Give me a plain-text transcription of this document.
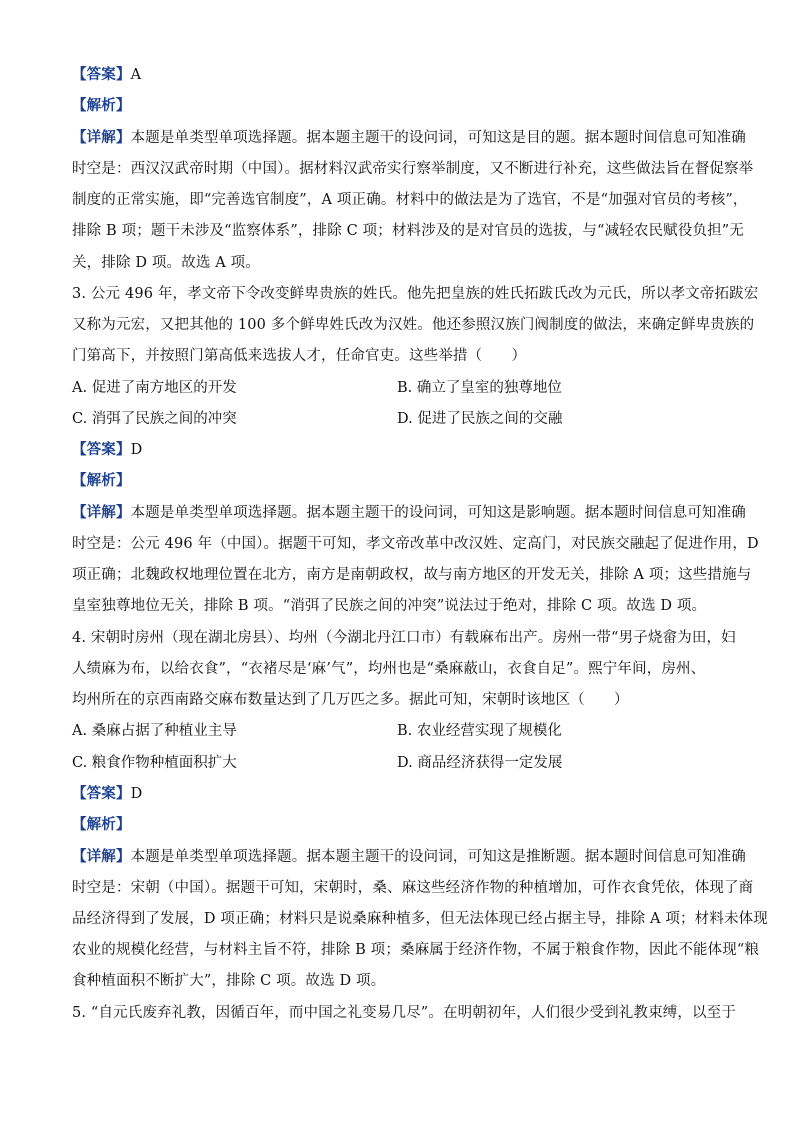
【答案】A
【解析】
【详解】本题是单类型单项选择题。据本题主题干的设问词，可知这是目的题。据本题时间信息可知准确
时空是：西汉汉武帝时期（中国）。据材料汉武帝实行察举制度，又不断进行补充，这些做法旨在督促察举
制度的正常实施，即“完善选官制度”，A 项正确。材料中的做法是为了选官，不是“加强对官员的考核”，
排除 B 项；题干未涉及“监察体系”，排除 C 项；材料涉及的是对官员的选拔，与“减轻农民赋役负担”无
关，排除 D 项。故选 A 项。
3. 公元 496 年，孝文帝下令改变鲜卑贵族的姓氏。他先把皇族的姓氏拓跋氏改为元氏，所以孝文帝拓跋宏
又称为元宏，又把其他的 100 多个鲜卑姓氏改为汉姓。他还参照汉族门阀制度的做法，来确定鲜卑贵族的
门第高下，并按照门第高低来选拔人才，任命官吏。这些举措（　　）
A. 促进了南方地区的开发	B. 确立了皇室的独尊地位
C. 消弭了民族之间的冲突	D. 促进了民族之间的交融
【答案】D
【解析】
【详解】本题是单类型单项选择题。据本题主题干的设问词，可知这是影响题。据本题时间信息可知准确
时空是：公元 496 年（中国）。据题干可知，孝文帝改革中改汉姓、定高门，对民族交融起了促进作用，D
项正确；北魏政权地理位置在北方，南方是南朝政权，故与南方地区的开发无关，排除 A 项；这些措施与
皇室独尊地位无关，排除 B 项。“消弭了民族之间的冲突”说法过于绝对，排除 C 项。故选 D 项。
4. 宋朝时房州（现在湖北房县）、均州（今湖北丹江口市）有载麻布出产。房州一带“男子烧畲为田，妇
人绩麻为布，以给衣食”，“衣褚尽是‘麻’气”，均州也是“桑麻蔽山，衣食自足”。熙宁年间，房州、
均州所在的京西南路交麻布数量达到了几万匹之多。据此可知，宋朝时该地区（　　）
A. 桑麻占据了种植业主导	B. 农业经营实现了规模化
C. 粮食作物种植面积扩大	D. 商品经济获得一定发展
【答案】D
【解析】
【详解】本题是单类型单项选择题。据本题主题干的设问词，可知这是推断题。据本题时间信息可知准确
时空是：宋朝（中国）。据题干可知，宋朝时，桑、麻这些经济作物的种植增加，可作衣食凭依，体现了商
品经济得到了发展，D 项正确；材料只是说桑麻种植多，但无法体现已经占据主导，排除 A 项；材料未体现
农业的规模化经营，与材料主旨不符，排除 B 项；桑麻属于经济作物，不属于粮食作物，因此不能体现“粮
食种植面积不断扩大”，排除 C 项。故选 D 项。
5. “自元氏废弃礼教，因循百年，而中国之礼变易几尽”。在明朝初年，人们很少受到礼教束缚，以至于
